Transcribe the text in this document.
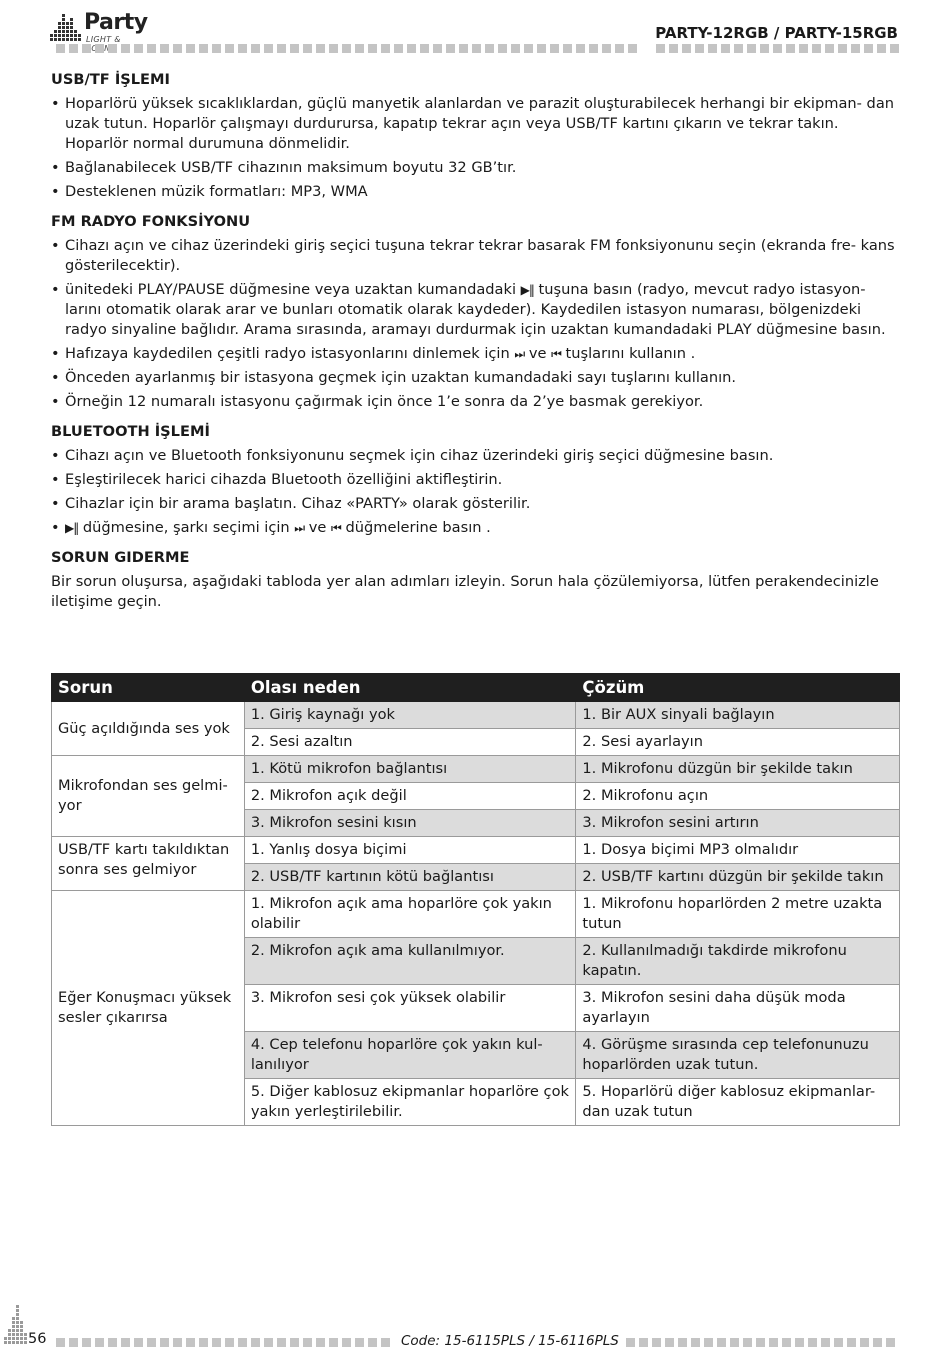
Party
LIGHT &	PARTY-12RGB / PARTY-15RGB
USB/TF İŞLEMI
• Hoparlörü yüksek sıcaklıklardan, güçlü manyetik alanlardan ve parazit oluşturabilecek herhangi bir ekipman- dan uzak tutun. Hoparlör çalışmayı durdurursa, kapatıp tekrar açın veya USB/TF kartını çıkarın ve tekrar takın. Hoparlör normal durumuna dönmelidir.
• Bağlanabilecek USB/TF cihazının maksimum boyutu 32 GB’tır.
• Desteklenen müzik formatları: MP3, WMA
FM RADYO FONKSİYONU
• Cihazı açın ve cihaz üzerindeki giriş seçici tuşuna tekrar tekrar basarak FM fonksiyonunu seçin (ekranda fre- kans gösterilecektir).
• ünitedeki PLAY/PAUSE düğmesine veya uzaktan kumandadaki ▶‖ tuşuna basın (radyo, mevcut radyo istasyon- larını otomatik olarak arar ve bunları otomatik olarak kaydeder). Kaydedilen istasyon numarası, bölgenizdeki radyo sinyaline bağlıdır. Arama sırasında, aramayı durdurmak için uzaktan kumandadaki PLAY düğmesine basın.
• Hafızaya kaydedilen çeşitli radyo istasyonlarını dinlemek için ⏭ ve ⏮ tuşlarını kullanın .
• Önceden ayarlanmış bir istasyona geçmek için uzaktan kumandadaki sayı tuşlarını kullanın.
• Örneğin 12 numaralı istasyonu çağırmak için önce 1’e sonra da 2’ye basmak gerekiyor.
BLUETOOTH İŞLEMİ
• Cihazı açın ve Bluetooth fonksiyonunu seçmek için cihaz üzerindeki giriş seçici düğmesine basın.
• Eşleştirilecek harici cihazda Bluetooth özelliğini aktifleştirin.
• Cihazlar için bir arama başlatın. Cihaz «PARTY» olarak gösterilir.
• ▶‖ düğmesine, şarkı seçimi için ⏭ ve ⏮ düğmelerine basın .
SORUN GIDERME

Bir sorun oluşursa, aşağıdaki tabloda yer alan adımları izleyin. Sorun hala çözülemiyorsa, lütfen perakendecinizle iletişime geçin.

Sorun	Olası neden	Çözüm
Güç açıldığında ses yok	1. Giriş kaynağı yok	1. Bir AUX sinyali bağlayın
	2. Sesi azaltın	2. Sesi ayarlayın
Mikrofondan ses gelmi- yor	1. Kötü mikrofon bağlantısı	1. Mikrofonu düzgün bir şekilde takın
	2. Mikrofon açık değil	2. Mikrofonu açın
	3. Mikrofon sesini kısın	3. Mikrofon sesini artırın
USB/TF kartı takıldıktan sonra ses gelmiyor	1. Yanlış dosya biçimi	1. Dosya biçimi MP3 olmalıdır
	2. USB/TF kartının kötü bağlantısı	2. USB/TF kartını düzgün bir şekilde takın
Eğer Konuşmacı yüksek sesler çıkarırsa	1. Mikrofon açık ama hoparlöre çok yakın olabilir	1. Mikrofonu hoparlörden 2 metre uzakta tutun
	2. Mikrofon açık ama kullanılmıyor.	2. Kullanılmadığı takdirde mikrofonu kapatın.
	3. Mikrofon sesi çok yüksek olabilir	3. Mikrofon sesini daha düşük moda ayarlayın
	4. Cep telefonu hoparlöre çok yakın kul- lanılıyor	4. Görüşme sırasında cep telefonunuzu hoparlörden uzak tutun.
	5. Diğer kablosuz ekipmanlar hoparlöre çok yakın yerleştirilebilir.	5. Hoparlörü diğer kablosuz ekipmanlar- dan uzak tutun
56	Code: 15-6115PLS / 15-6116PLS
